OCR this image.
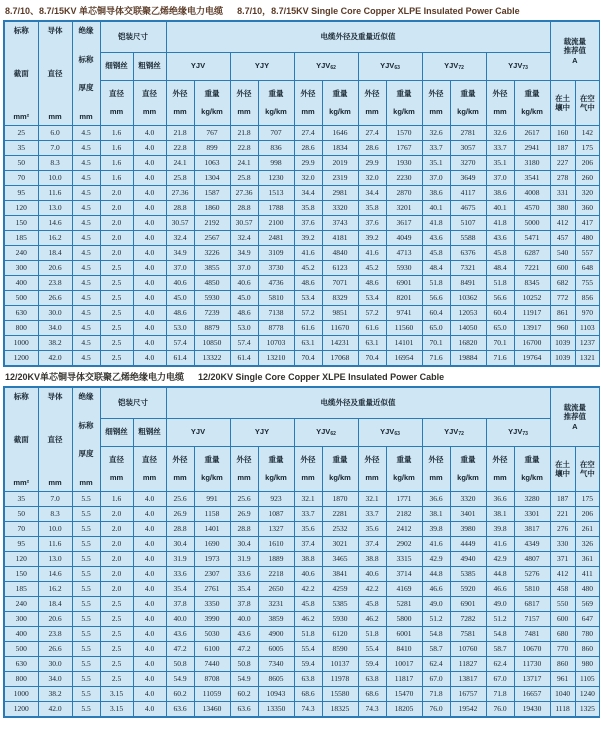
8.7/10、8.7/15KV 单芯铜导体交联聚乙烯绝缘电力电缆 8.7/10，8.7/15KV Single Core Copper XLPE Insulated Power Cable
标称
截面
mm²	导体
直径
mm	绝缘
标称
厚度
mm	铠装尺寸		电缆外径及重量近似值												载流量
推荐值
A	

			细钢丝	粗钢丝	YJV		YJY		YJV62		YJV63		YJV72		YJV73			

			直径
mm	直径
mm	外径
mm	重量
kg/km	外径
mm	重量
kg/km	外径
mm	重量
kg/km	外径
mm	重量
kg/km	外径
mm	重量
kg/km	外径
mm	重量
kg/km	在土
壤中	在空
气中

25	6.0	4.5	1.6	4.0	21.8	767	21.8	707	27.4	1646	27.4	1570	32.6	2781	32.6	2617	160	142
35	7.0	4.5	1.6	4.0	22.8	899	22.8	836	28.6	1834	28.6	1767	33.7	3057	33.7	2941	187	175
50	8.3	4.5	1.6	4.0	24.1	1063	24.1	998	29.9	2019	29.9	1930	35.1	3270	35.1	3180	227	206
70	10.0	4.5	1.6	4.0	25.8	1304	25.8	1230	32.0	2319	32.0	2230	37.0	3649	37.0	3541	278	260
95	11.6	4.5	2.0	4.0	27.36	1587	27.36	1513	34.4	2981	34.4	2870	38.6	4117	38.6	4008	331	320
120	13.0	4.5	2.0	4.0	28.8	1860	28.8	1788	35.8	3320	35.8	3201	40.1	4675	40.1	4570	380	360
150	14.6	4.5	2.0	4.0	30.57	2192	30.57	2100	37.6	3743	37.6	3617	41.8	5107	41.8	5000	412	417
185	16.2	4.5	2.0	4.0	32.4	2567	32.4	2481	39.2	4181	39.2	4049	43.6	5588	43.6	5471	457	480
240	18.4	4.5	2.0	4.0	34.9	3226	34.9	3109	41.6	4840	41.6	4713	45.8	6376	45.8	6287	540	557
300	20.6	4.5	2.5	4.0	37.0	3855	37.0	3730	45.2	6123	45.2	5930	48.4	7321	48.4	7221	600	648
400	23.8	4.5	2.5	4.0	40.6	4850	40.6	4736	48.6	7071	48.6	6901	51.8	8491	51.8	8345	682	755
500	26.6	4.5	2.5	4.0	45.0	5930	45.0	5810	53.4	8329	53.4	8201	56.6	10362	56.6	10252	772	856
630	30.0	4.5	2.5	4.0	48.6	7239	48.6	7138	57.2	9851	57.2	9741	60.4	12053	60.4	11917	861	970
800	34.0	4.5	2.5	4.0	53.0	8879	53.0	8778	61.6	11670	61.6	11560	65.0	14050	65.0	13917	960	1103
1000	38.2	4.5	2.5	4.0	57.4	10850	57.4	10703	63.1	14231	63.1	14101	70.1	16820	70.1	16700	1039	1237
1200	42.0	4.5	2.5	4.0	61.4	13322	61.4	13210	70.4	17068	70.4	16954	71.6	19884	71.6	19764	1039	1321
12/20KV单芯铜导体交联聚乙烯绝缘电力电缆 12/20KV Single Core Copper XLPE Insulated Power Cable
标称
截面
mm²	导体
直径
mm	绝缘
标称
厚度
mm	铠装尺寸		电缆外径及重量近似值												载流量
推荐值
A	

			细钢丝	粗钢丝	YJV		YJY		YJV62		YJV63		YJV72		YJV73			

			直径
mm	直径
mm	外径
mm	重量
kg/km	外径
mm	重量
kg/km	外径
mm	重量
kg/km	外径
mm	重量
kg/km	外径
mm	重量
kg/km	外径
mm	重量
kg/km	在土
壤中	在空
气中

35	7.0	5.5	1.6	4.0	25.6	991	25.6	923	32.1	1870	32.1	1771	36.6	3320	36.6	3280	187	175
50	8.3	5.5	2.0	4.0	26.9	1158	26.9	1087	33.7	2281	33.7	2182	38.1	3401	38.1	3301	221	206
70	10.0	5.5	2.0	4.0	28.8	1401	28.8	1327	35.6	2532	35.6	2412	39.8	3980	39.8	3817	276	261
95	11.6	5.5	2.0	4.0	30.4	1690	30.4	1610	37.4	3021	37.4	2902	41.6	4449	41.6	4349	330	326
120	13.0	5.5	2.0	4.0	31.9	1973	31.9	1889	38.8	3465	38.8	3315	42.9	4940	42.9	4807	371	361
150	14.6	5.5	2.0	4.0	33.6	2307	33.6	2218	40.6	3841	40.6	3714	44.8	5385	44.8	5276	412	411
185	16.2	5.5	2.0	4.0	35.4	2761	35.4	2650	42.2	4259	42.2	4169	46.6	5920	46.6	5810	458	480
240	18.4	5.5	2.5	4.0	37.8	3350	37.8	3231	45.8	5385	45.8	5281	49.0	6901	49.0	6817	550	569
300	20.6	5.5	2.5	4.0	40.0	3990	40.0	3859	46.2	5930	46.2	5800	51.2	7282	51.2	7157	600	647
400	23.8	5.5	2.5	4.0	43.6	5030	43.6	4900	51.8	6120	51.8	6001	54.8	7581	54.8	7481	680	780
500	26.6	5.5	2.5	4.0	47.2	6100	47.2	6005	55.4	8590	55.4	8410	58.7	10760	58.7	10670	770	860
630	30.0	5.5	2.5	4.0	50.8	7440	50.8	7340	59.4	10137	59.4	10017	62.4	11827	62.4	11730	860	980
800	34.0	5.5	2.5	4.0	54.9	8708	54.9	8605	63.8	11978	63.8	11817	67.0	13817	67.0	13717	961	1105
1000	38.2	5.5	3.15	4.0	60.2	11059	60.2	10943	68.6	15580	68.6	15470	71.8	16757	71.8	16657	1040	1240
1200	42.0	5.5	3.15	4.0	63.6	13460	63.6	13350	74.3	18325	74.3	18205	76.0	19542	76.0	19430	1118	1325
